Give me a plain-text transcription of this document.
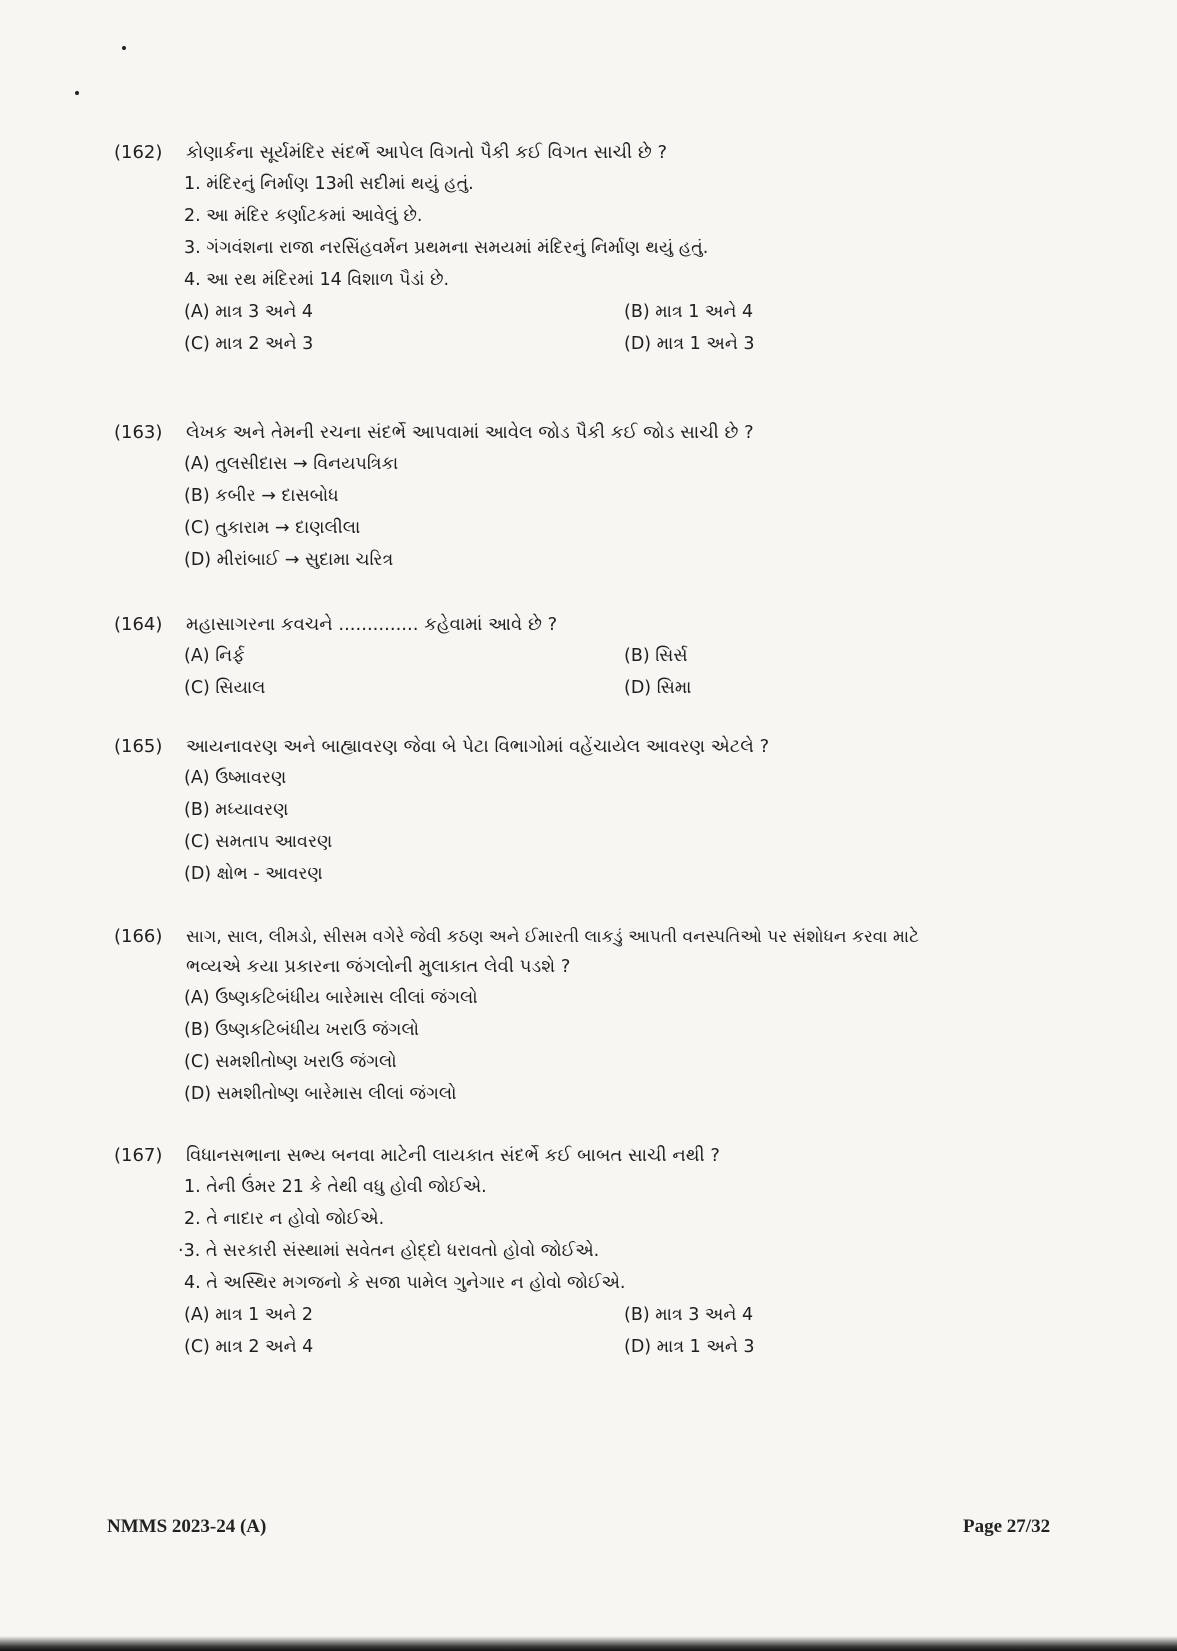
(162)	કોણાર્કના સૂર્યમંદિર સંદર્ભે આપેલ વિગતો પૈકી કઈ વિગત સાચી છે ?
1. મંદિરનું નિર્માણ 13મી સદીમાં થયું હતું.
2. આ મંદિર કર્ણાટકમાં આવેલું છે.
3. ગંગવંશના રાજા નરસિંહવર્મન પ્રથમના સમયમાં મંદિરનું નિર્માણ થયું હતું.
4. આ રથ મંદિરમાં 14 વિશાળ પૈડાં છે.
(A) માત્ર 3 અને 4	(B) માત્ર 1 અને 4
(C) માત્ર 2 અને 3	(D) માત્ર 1 અને 3
(163)	લેખક અને તેમની રચના સંદર્ભે આપવામાં આવેલ જોડ પૈકી કઈ જોડ સાચી છે ?
(A) તુલસીદાસ → વિનયપત્રિકા
(B) કબીર → દાસબોધ
(C) તુકારામ → દાણલીલા
(D) મીરાંબાઈ → સુદામા ચરિત્ર
(164)	મહાસાગરના કવચને .............. કહેવામાં આવે છે ?
(A) નિર્ફ	(B) સિર્સ
(C) સિયાલ	(D) સિમા
(165)	આયનાવરણ અને બાહ્યાવરણ જેવા બે પેટા વિભાગોમાં વહેંચાયેલ આવરણ એટલે ?
(A) ઉષ્માવરણ
(B) મધ્યાવરણ
(C) સમતાપ આવરણ
(D) ક્ષોભ - આવરણ
(166)	સાગ, સાલ, લીમડો, સીસમ વગેરે જેવી કઠણ અને ઈમારતી લાકડું આપતી વનસ્પતિઓ પર સંશોધન કરવા માટે
ભવ્યએ કયા પ્રકારના જંગલોની મુલાકાત લેવી પડશે ?
(A) ઉષ્ણકટિબંધીય બારેમાસ લીલાં જંગલો
(B) ઉષ્ણકટિબંધીય ખરાઉ જંગલો
(C) સમશીતોષ્ણ ખરાઉ જંગલો
(D) સમશીતોષ્ણ બારેમાસ લીલાં જંગલો
(167)	વિધાનસભાના સભ્ય બનવા માટેની લાયકાત સંદર્ભે કઈ બાબત સાચી નથી ?
1. તેની ઉંમર 21 કે તેથી વધુ હોવી જોઈએ.
2. તે નાદાર ન હોવો જોઈએ.
·3. તે સરકારી સંસ્થામાં સવેતન હોદ્દો ધરાવતો હોવો જોઈએ.
4. તે અસ્થિર મગજનો કે સજા પામેલ ગુનેગાર ન હોવો જોઈએ.
(A) માત્ર 1 અને 2	(B) માત્ર 3 અને 4
(C) માત્ર 2 અને 4	(D) માત્ર 1 અને 3
NMMS 2023-24 (A)	Page 27/32
